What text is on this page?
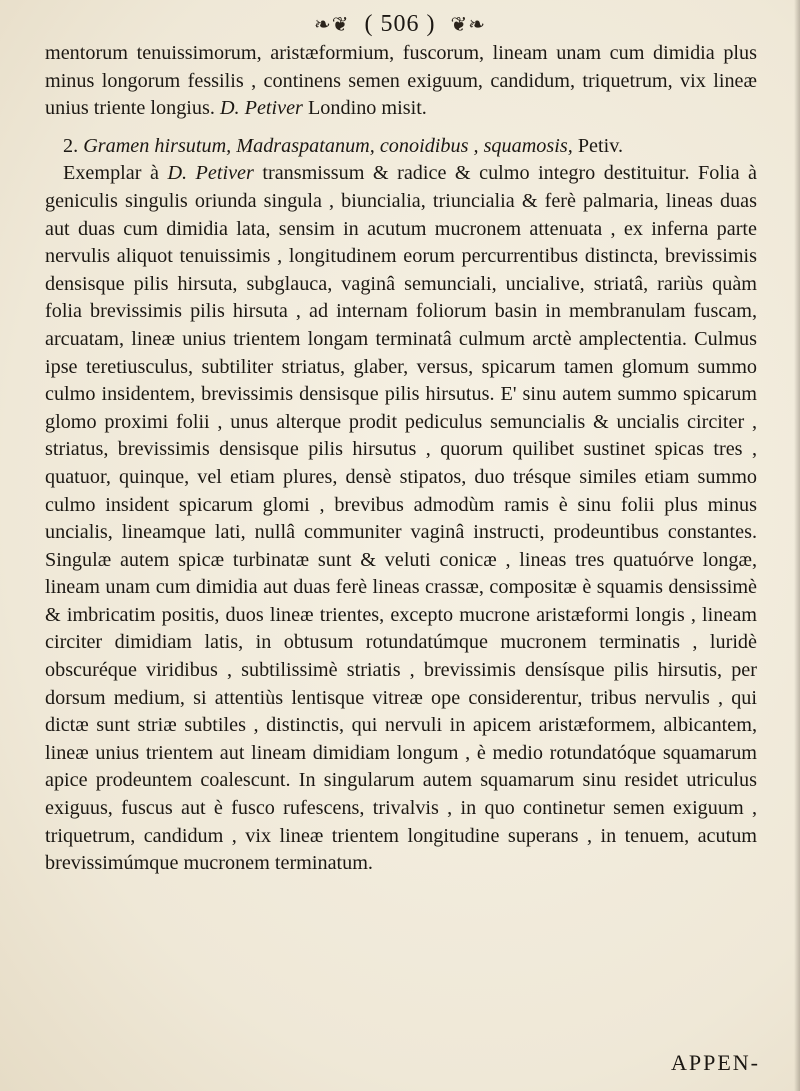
❧❦ ( 506 ) ❦❧

mentorum tenuissimorum, aristæformium, fuscorum, lineam unam cum dimidia plus minus longorum fessilis , continens semen exiguum, candidum, triquetrum, vix lineæ unius triente longius. D. Petiver Londino misit.

2. Gramen hirsutum, Madraspatanum, conoidibus , squamosis, Petiv.

Exemplar à D. Petiver transmissum & radice & culmo integro destituitur. Folia à geniculis singulis oriunda singula , biuncialia, triuncialia & ferè palmaria, lineas duas aut duas cum dimidia lata, sensim in acutum mucronem attenuata , ex inferna parte nervulis aliquot tenuissimis , longitudinem eorum percurrentibus distincta, brevissimis densisque pilis hirsuta, subglauca, vaginâ semunciali, uncialive, striatâ, rariùs quàm folia brevissimis pilis hirsuta , ad internam foliorum basin in membranulam fuscam, arcuatam, lineæ unius trientem longam terminatâ culmum arctè amplectentia. Culmus ipse teretiusculus, subtiliter striatus, glaber, versus, spicarum tamen glomum summo culmo insidentem, brevissimis densisque pilis hirsutus. E' sinu autem summo spicarum glomo proximi folii , unus alterque prodit pediculus semuncialis & uncialis circiter , striatus, brevissimis densisque pilis hirsutus , quorum quilibet sustinet spicas tres , quatuor, quinque, vel etiam plures, densè stipatos, duo trésque similes etiam summo culmo insident spicarum glomi , brevibus admodùm ramis è sinu folii plus minus uncialis, lineamque lati, nullâ communiter vaginâ instructi, prodeuntibus constantes. Singulæ autem spicæ turbinatæ sunt & veluti conicæ , lineas tres quatuórve longæ, lineam unam cum dimidia aut duas ferè lineas crassæ, compositæ è squamis densissimè & imbricatim positis, duos lineæ trientes, excepto mucrone aristæformi longis , lineam circiter dimidiam latis, in obtusum rotundatúmque mucronem terminatis , luridè obscuréque viridibus , subtilissimè striatis , brevissimis densísque pilis hirsutis, per dorsum medium, si attentiùs lentisque vitreæ ope considerentur, tribus nervulis , qui dictæ sunt striæ subtiles , distinctis, qui nervuli in apicem aristæformem, albicantem, lineæ unius trientem aut lineam dimidiam longum , è medio rotundatóque squamarum apice prodeuntem coalescunt. In singularum autem squamarum sinu residet utriculus exiguus, fuscus aut è fusco rufescens, trivalvis , in quo continetur semen exiguum , triquetrum, candidum , vix lineæ trientem longitudine superans , in tenuem, acutum brevissimúmque mucronem terminatum.

APPEN-
